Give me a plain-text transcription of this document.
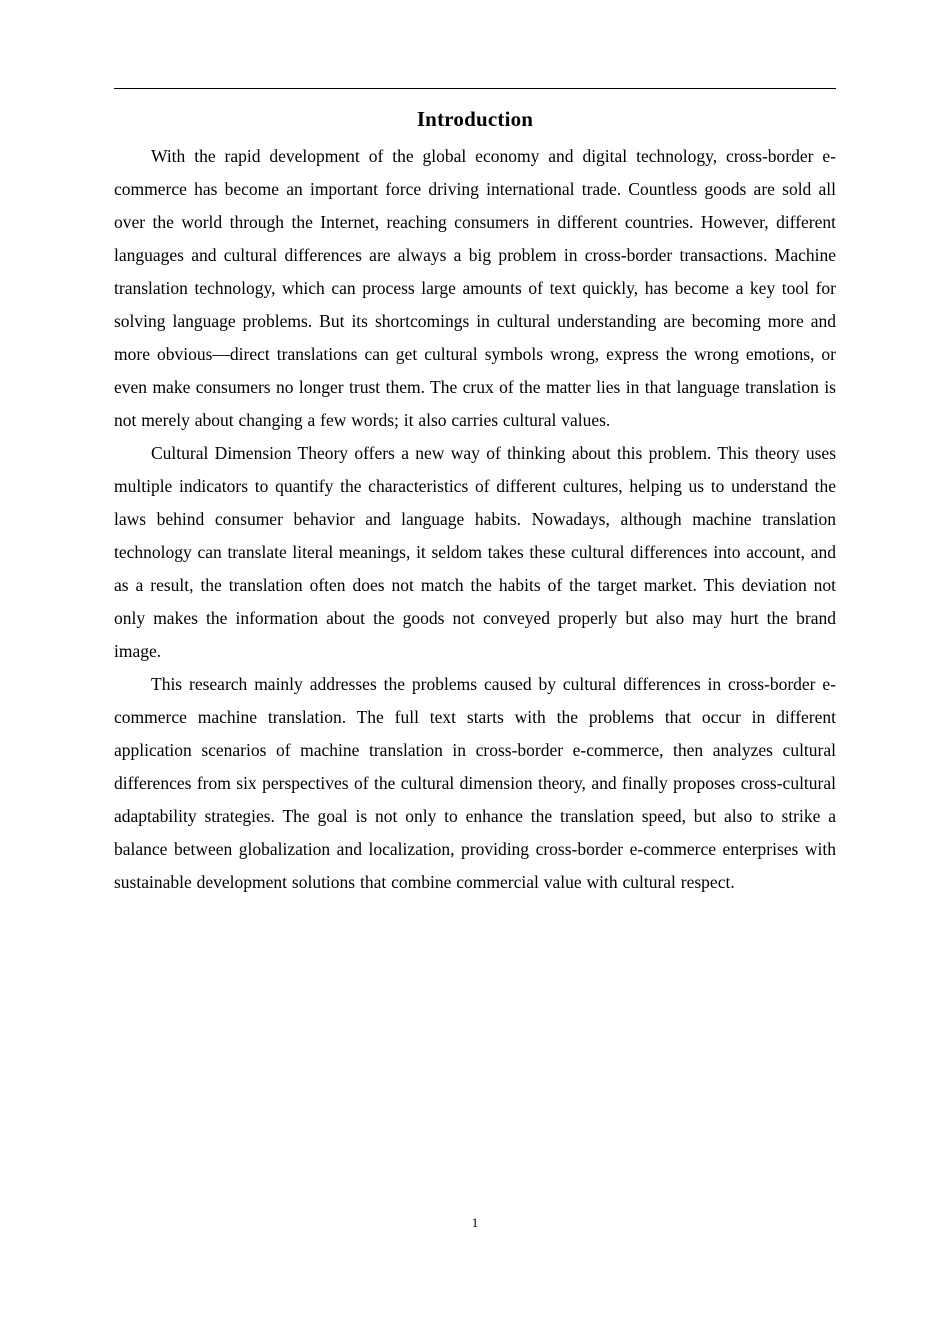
Introduction

With the rapid development of the global economy and digital technology, cross-border e-commerce has become an important force driving international trade. Countless goods are sold all over the world through the Internet, reaching consumers in different countries. However, different languages and cultural differences are always a big problem in cross-border transactions. Machine translation technology, which can process large amounts of text quickly, has become a key tool for solving language problems. But its shortcomings in cultural understanding are becoming more and more obvious—direct translations can get cultural symbols wrong, express the wrong emotions, or even make consumers no longer trust them. The crux of the matter lies in that language translation is not merely about changing a few words; it also carries cultural values.

Cultural Dimension Theory offers a new way of thinking about this problem. This theory uses multiple indicators to quantify the characteristics of different cultures, helping us to understand the laws behind consumer behavior and language habits. Nowadays, although machine translation technology can translate literal meanings, it seldom takes these cultural differences into account, and as a result, the translation often does not match the habits of the target market. This deviation not only makes the information about the goods not conveyed properly but also may hurt the brand image.

This research mainly addresses the problems caused by cultural differences in cross-border e-commerce machine translation. The full text starts with the problems that occur in different application scenarios of machine translation in cross-border e-commerce, then analyzes cultural differences from six perspectives of the cultural dimension theory, and finally proposes cross-cultural adaptability strategies. The goal is not only to enhance the translation speed, but also to strike a balance between globalization and localization, providing cross-border e-commerce enterprises with sustainable development solutions that combine commercial value with cultural respect.

1
